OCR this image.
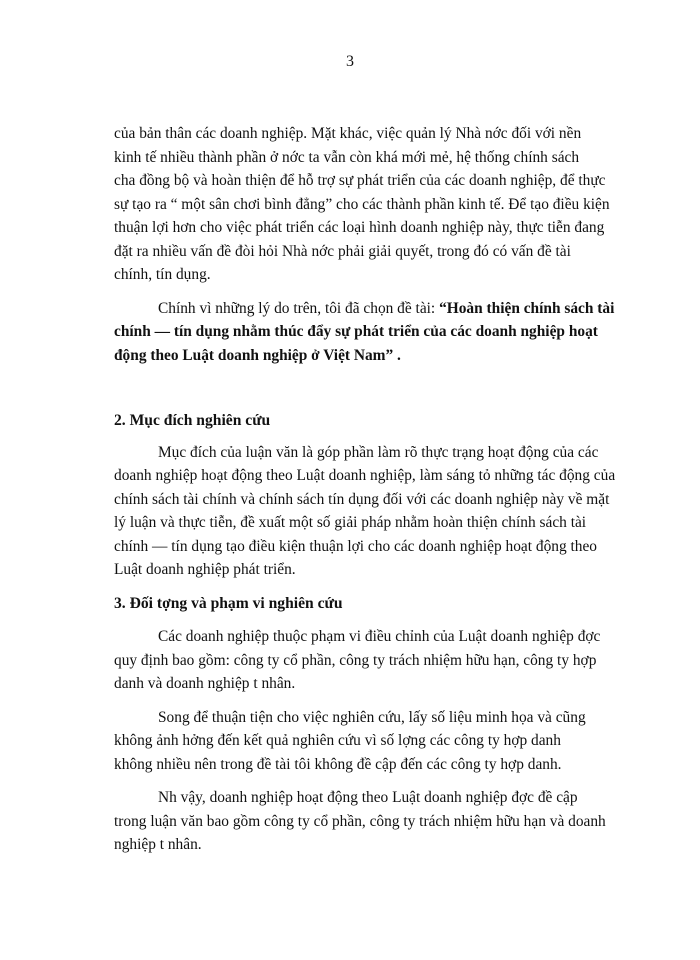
3
của bản thân các doanh nghiệp. Mặt khác, việc quản lý Nhà nớc đối với nền
kinh tế nhiều thành phần ở nớc ta vẫn còn khá mới mẻ, hệ thống chính sách
cha đồng bộ và hoàn thiện để hỗ trợ sự phát triển của các doanh nghiệp, để thực
sự tạo ra “ một sân chơi bình đẳng” cho các thành phần kinh tế. Để tạo điều kiện
thuận lợi hơn cho việc phát triển các loại hình doanh nghiệp này, thực tiễn đang
đặt ra nhiều vấn đề đòi hỏi Nhà nớc phải giải quyết, trong đó có vấn đề tài
chính, tín dụng.
Chính vì những lý do trên, tôi đã chọn đề tài: “Hoàn thiện chính sách tài
chính — tín dụng nhằm thúc đẩy sự phát triển của các doanh nghiệp hoạt
động theo Luật doanh nghiệp ở Việt Nam” .
2. Mục đích nghiên cứu
Mục đích của luận văn là góp phần làm rõ thực trạng hoạt động của các
doanh nghiệp hoạt động theo Luật doanh nghiệp, làm sáng tỏ những tác động của
chính sách tài chính và chính sách tín dụng đối với các doanh nghiệp này về mặt
lý luận và thực tiễn, đề xuất một số giải pháp nhằm hoàn thiện chính sách tài
chính — tín dụng tạo điều kiện thuận lợi cho các doanh nghiệp hoạt động theo
Luật doanh nghiệp phát triển.
3. Đối tợng và phạm vi nghiên cứu
Các doanh nghiệp thuộc phạm vi điều chỉnh của Luật doanh nghiệp đợc
quy định bao gồm: công ty cổ phần, công ty trách nhiệm hữu hạn, công ty hợp
danh và doanh nghiệp t nhân.
Song để thuận tiện cho việc nghiên cứu, lấy số liệu minh họa và cũng
không ảnh hởng đến kết quả nghiên cứu vì số lợng các công ty hợp danh
không nhiều nên trong đề tài tôi không đề cập đến các công ty hợp danh.
Nh vậy, doanh nghiệp hoạt động theo Luật doanh nghiệp đợc đề cập
trong luận văn bao gồm công ty cổ phần, công ty trách nhiệm hữu hạn và doanh
nghiệp t nhân.
